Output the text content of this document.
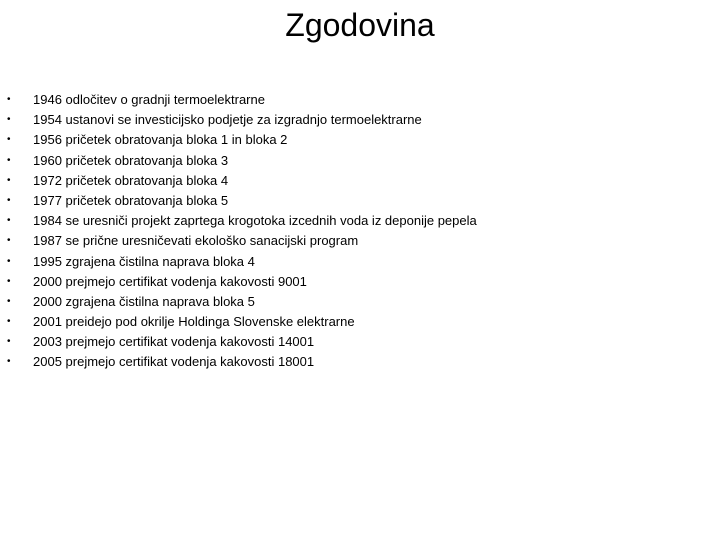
Zgodovina
•	1946 odločitev o gradnji termoelektrarne
•	1954 ustanovi se investicijsko podjetje za izgradnjo termoelektrarne
•	1956 pričetek obratovanja bloka 1 in bloka 2
•	1960 pričetek obratovanja bloka 3
•	1972 pričetek obratovanja bloka 4
•	1977 pričetek obratovanja bloka 5
•	1984 se uresniči projekt zaprtega krogotoka izcednih voda iz deponije pepela
•	1987 se prične uresničevati ekološko sanacijski program
•	1995 zgrajena čistilna naprava bloka 4
•	2000 prejmejo certifikat vodenja kakovosti 9001
•	2000 zgrajena čistilna naprava bloka 5
•	2001 preidejo pod okrilje Holdinga Slovenske elektrarne
•	2003 prejmejo certifikat vodenja kakovosti 14001
•	2005 prejmejo certifikat vodenja kakovosti 18001
